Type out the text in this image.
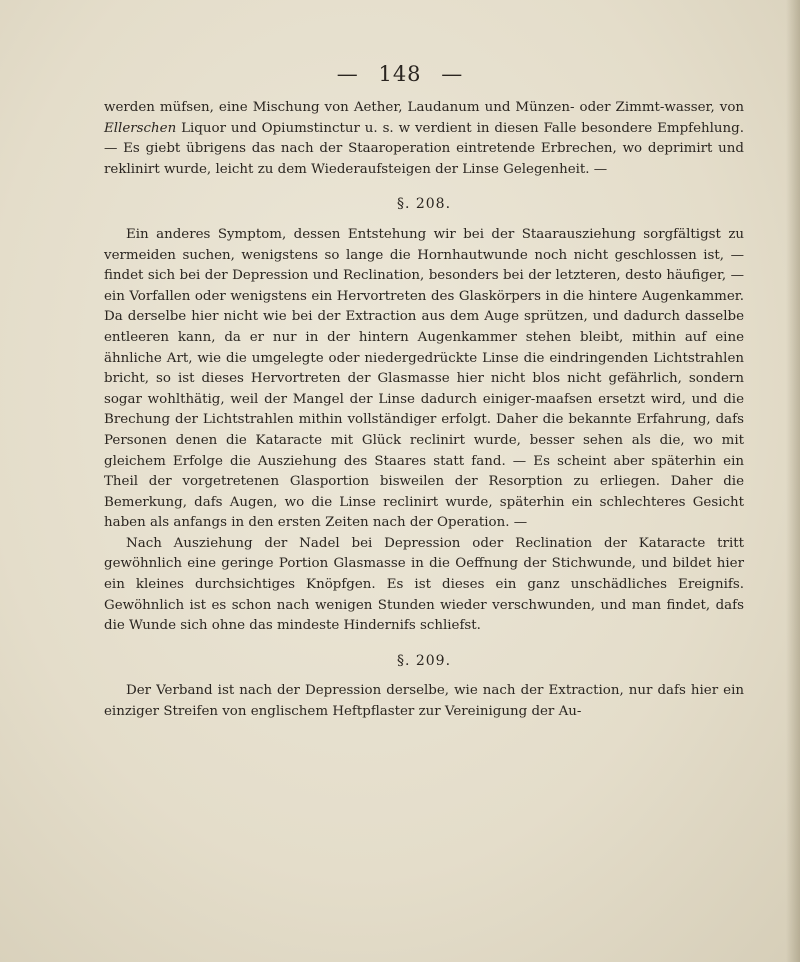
— 148 —

werden müfsen, eine Mischung von Aether, Laudanum und Münzen- oder Zimmt-wasser, von Ellerschen Liquor und Opiumstinctur u. s. w verdient in diesen Falle besondere Empfehlung. — Es giebt übrigens das nach der Staaroperation eintretende Erbrechen, wo deprimirt und reklinirt wurde, leicht zu dem Wiederaufsteigen der Linse Gelegenheit. —

§. 208.

Ein anderes Symptom, dessen Entstehung wir bei der Staarausziehung sorgfältigst zu vermeiden suchen, wenigstens so lange die Hornhautwunde noch nicht geschlossen ist, — findet sich bei der Depression und Reclination, besonders bei der letzteren, desto häufiger, — ein Vorfallen oder wenigstens ein Hervortreten des Glaskörpers in die hintere Augenkammer. Da derselbe hier nicht wie bei der Extraction aus dem Auge sprützen, und dadurch dasselbe entleeren kann, da er nur in der hintern Augenkammer stehen bleibt, mithin auf eine ähnliche Art, wie die umgelegte oder niedergedrückte Linse die eindringenden Lichtstrahlen bricht, so ist dieses Hervortreten der Glasmasse hier nicht blos nicht gefährlich, sondern sogar wohlthätig, weil der Mangel der Linse dadurch einiger-maafsen ersetzt wird, und die Brechung der Lichtstrahlen mithin vollständiger erfolgt. Daher die bekannte Erfahrung, dafs Personen denen die Kataracte mit Glück reclinirt wurde, besser sehen als die, wo mit gleichem Erfolge die Ausziehung des Staares statt fand. — Es scheint aber späterhin ein Theil der vorgetretenen Glasportion bisweilen der Resorption zu erliegen. Daher die Bemerkung, dafs Augen, wo die Linse reclinirt wurde, späterhin ein schlechteres Gesicht haben als anfangs in den ersten Zeiten nach der Operation. —

Nach Ausziehung der Nadel bei Depression oder Reclination der Kataracte tritt gewöhnlich eine geringe Portion Glasmasse in die Oeffnung der Stichwunde, und bildet hier ein kleines durchsichtiges Knöpfgen. Es ist dieses ein ganz unschädliches Ereignifs. Gewöhnlich ist es schon nach wenigen Stunden wieder verschwunden, und man findet, dafs die Wunde sich ohne das mindeste Hindernifs schliefst.

§. 209.

Der Verband ist nach der Depression derselbe, wie nach der Extraction, nur dafs hier ein einziger Streifen von englischem Heftpflaster zur Vereinigung der Au-
